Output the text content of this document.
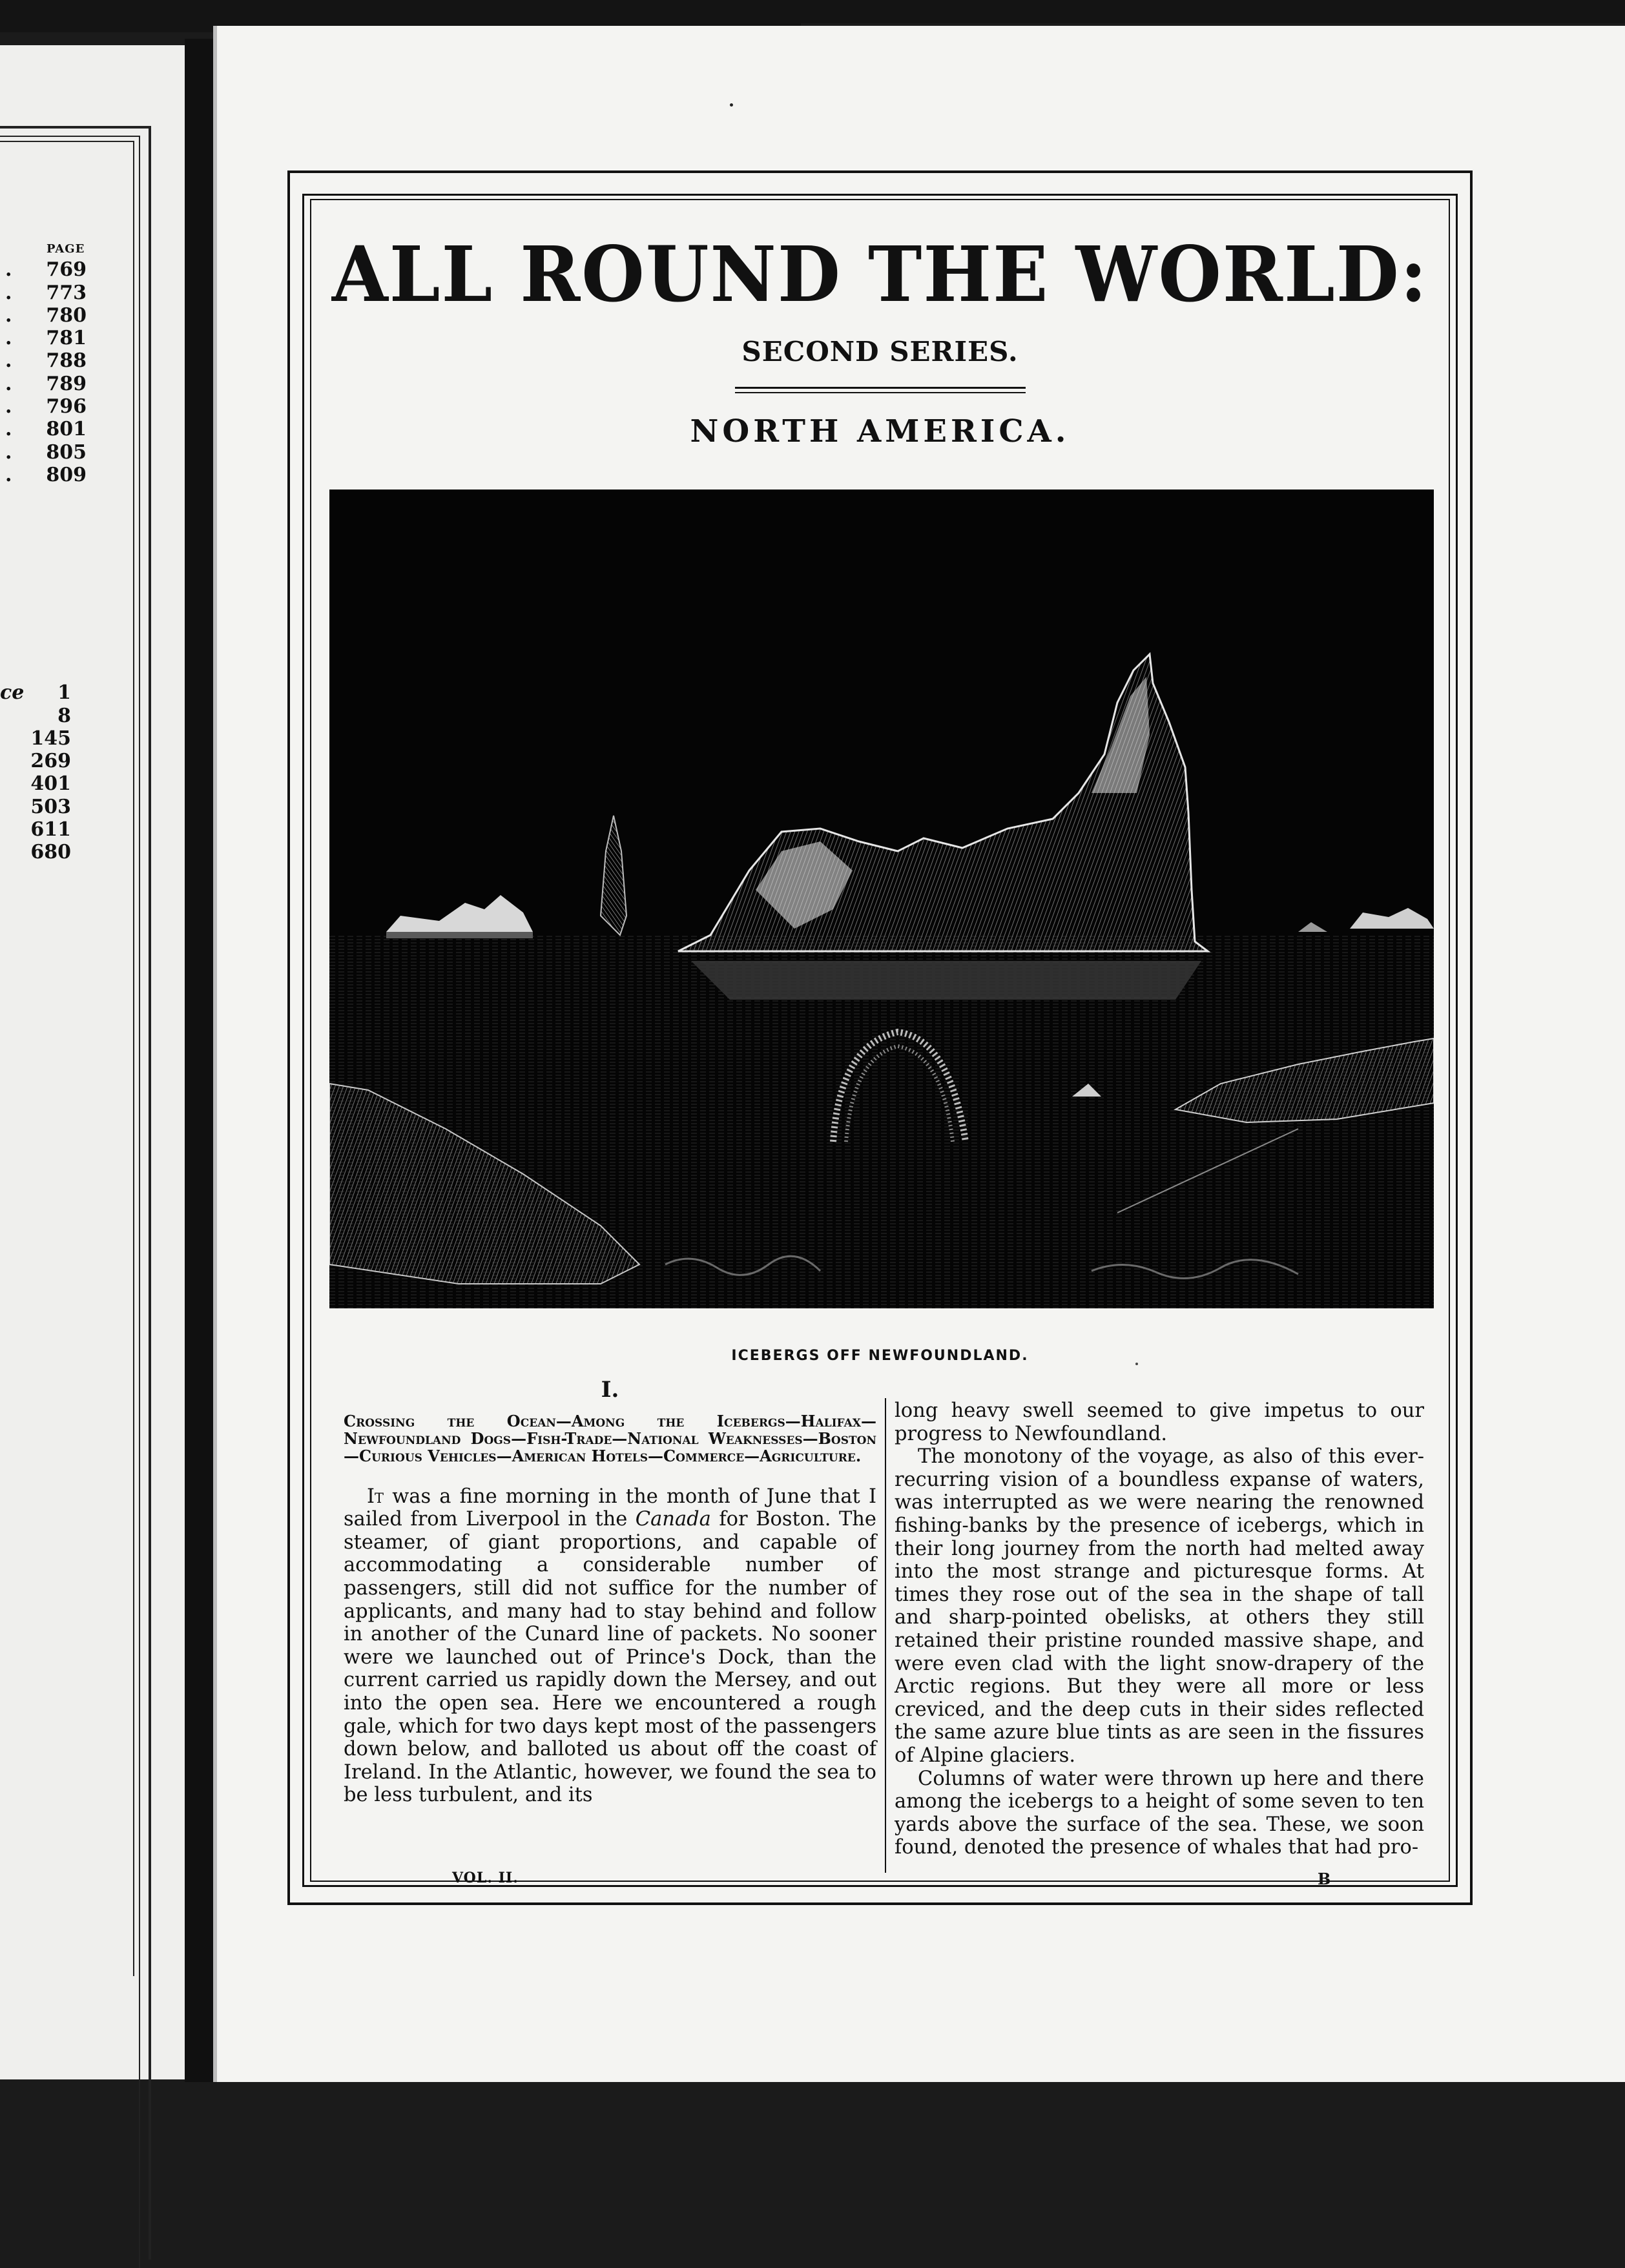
PAGE
.	769
.	773
.	780
.	781
.	788
.	789
.	796
.	801
.	805
.	809
ce	1
8
145
269
401
503
611
680
ALL ROUND THE WORLD:
SECOND SERIES.
NORTH AMERICA.
ICEBERGS OFF NEWFOUNDLAND.
I.
Crossing the Ocean—Among the Icebergs—Halifax—Newfoundland Dogs—Fish-Trade—National Weaknesses—Boston—Curious Vehicles—American Hotels—Commerce—Agriculture.

It was a fine morning in the month of June that I sailed from Liverpool in the Canada for Boston. The steamer, of giant proportions, and capable of accommodating a considerable number of passengers, still did not suffice for the number of applicants, and many had to stay behind and follow in another of the Cunard line of packets. No sooner were we launched out of Prince's Dock, than the current carried us rapidly down the Mersey, and out into the open sea. Here we encountered a rough gale, which for two days kept most of the passengers down below, and balloted us about off the coast of Ireland. In the Atlantic, however, we found the sea to be less turbulent, and its

long heavy swell seemed to give impetus to our progress to Newfoundland.

The monotony of the voyage, as also of this ever-recurring vision of a boundless expanse of waters, was interrupted as we were nearing the renowned fishing-banks by the presence of icebergs, which in their long journey from the north had melted away into the most strange and picturesque forms. At times they rose out of the sea in the shape of tall and sharp-pointed obelisks, at others they still retained their pristine rounded massive shape, and were even clad with the light snow-drapery of the Arctic regions. But they were all more or less creviced, and the deep cuts in their sides reflected the same azure blue tints as are seen in the fissures of Alpine glaciers.

Columns of water were thrown up here and there among the icebergs to a height of some seven to ten yards above the surface of the sea. These, we soon found, denoted the presence of whales that had pro-

VOL. II.	B
